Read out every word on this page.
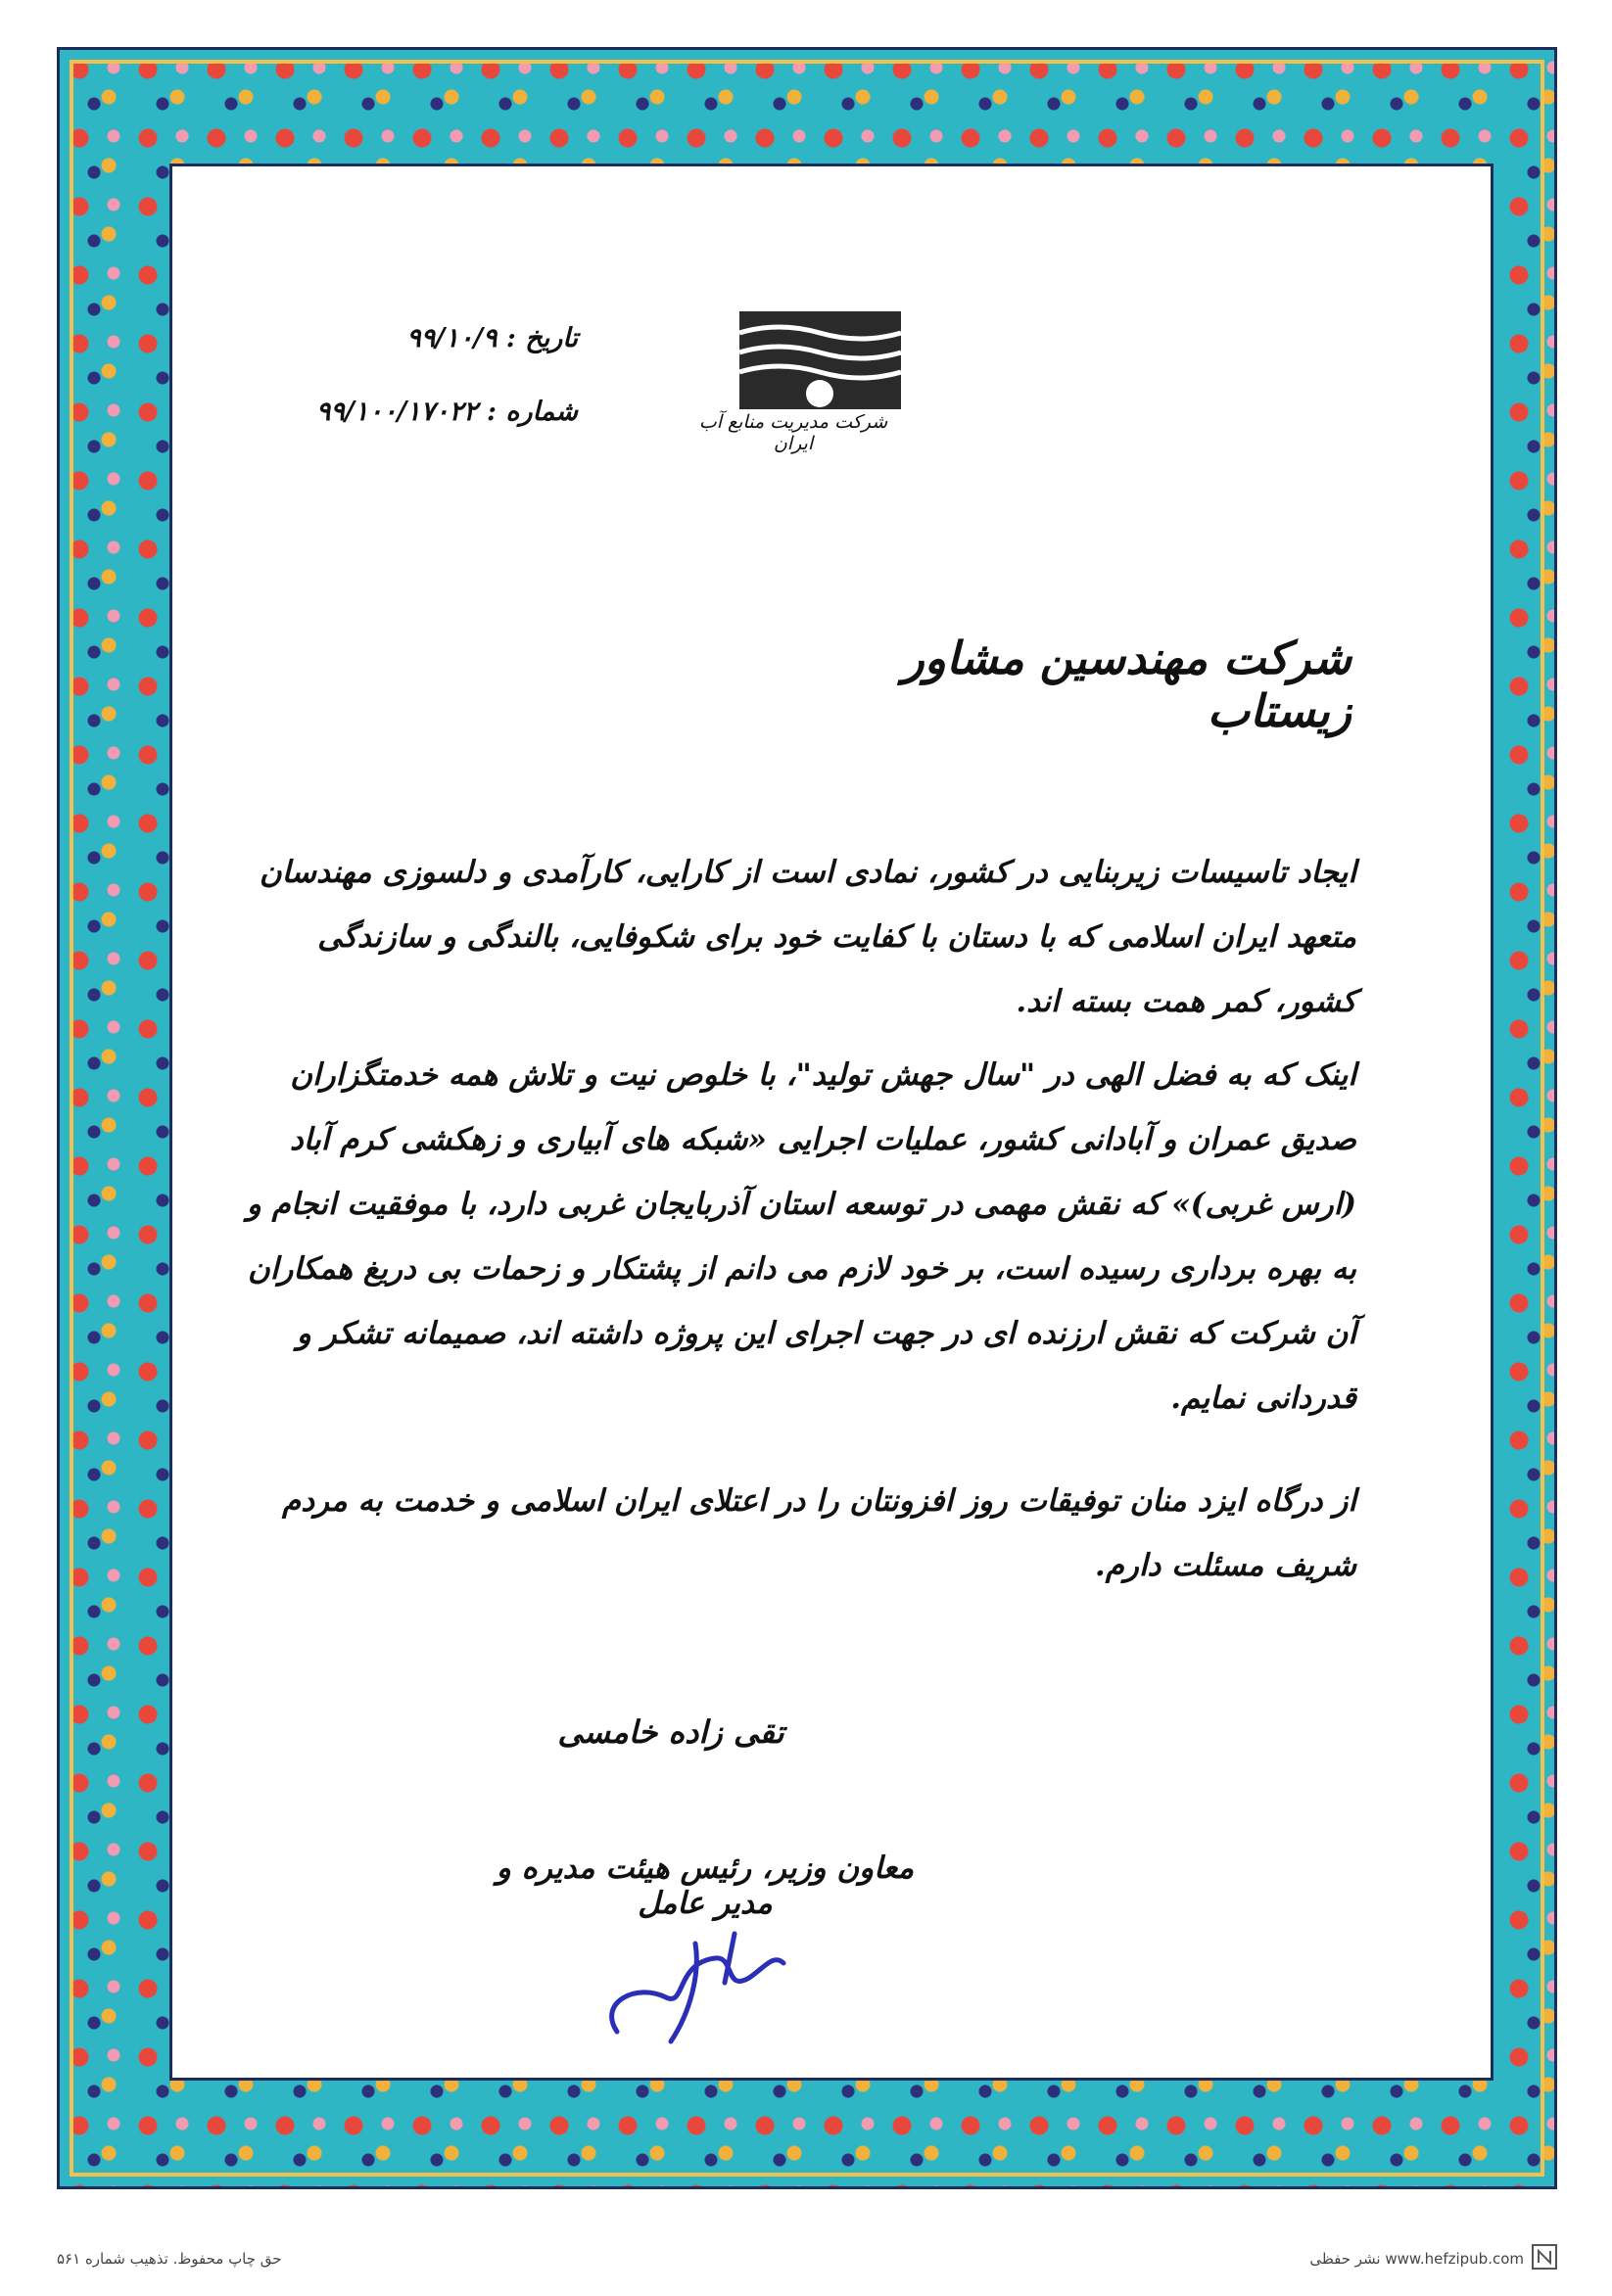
شرکت مدیریت منابع آب ایران
تاریخ : ۹۹/۱۰/۹
شماره : ۹۹/۱۰۰/۱۷۰۲۲
شرکت مهندسین مشاور زیستاب
ایجاد تاسیسات زیربنایی در کشور، نمادی است از کارایی، کارآمدی و دلسوزی مهندسان متعهد ایران اسلامی که با دستان با کفایت خود برای شکوفایی، بالندگی و سازندگی کشور، کمر همت بسته اند.
اینک که به فضل الهی در "سال جهش تولید"، با خلوص نیت و تلاش همه خدمتگزاران صدیق عمران و آبادانی کشور، عملیات اجرایی «شبکه های آبیاری و زهکشی کرم آباد (ارس غربی)» که نقش مهمی در توسعه استان آذربایجان غربی دارد، با موفقیت انجام و به بهره برداری رسیده است، بر خود لازم می دانم از پشتکار و زحمات بی دریغ همکاران آن شرکت که نقش ارزنده ای در جهت اجرای این پروژه داشته اند، صمیمانه تشکر و قدردانی نمایم.
از درگاه ایزد منان توفیقات روز افزونتان را در اعتلای ایران اسلامی و خدمت به مردم شریف مسئلت دارم.
تقی زاده خامسی
معاون وزیر، رئیس هیئت مدیره و مدیر عامل
حق چاپ محفوظ. تذهیب شماره ۵۶۱	www.hefzipub.com نشر حفظی
